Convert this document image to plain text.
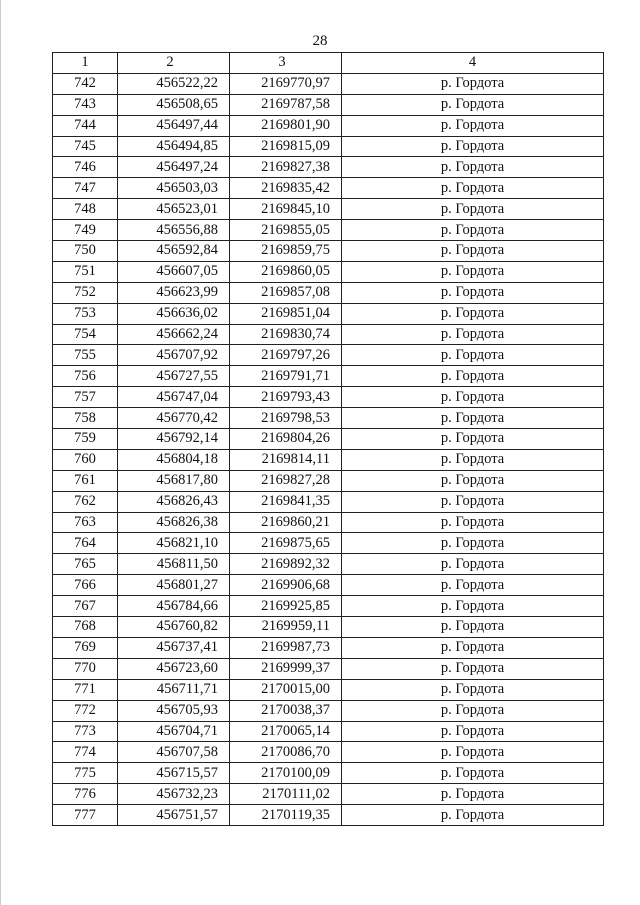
28
1	2	3	4
742	456522,22	2169770,97	р. Гордота
743	456508,65	2169787,58	р. Гордота
744	456497,44	2169801,90	р. Гордота
745	456494,85	2169815,09	р. Гордота
746	456497,24	2169827,38	р. Гордота
747	456503,03	2169835,42	р. Гордота
748	456523,01	2169845,10	р. Гордота
749	456556,88	2169855,05	р. Гордота
750	456592,84	2169859,75	р. Гордота
751	456607,05	2169860,05	р. Гордота
752	456623,99	2169857,08	р. Гордота
753	456636,02	2169851,04	р. Гордота
754	456662,24	2169830,74	р. Гордота
755	456707,92	2169797,26	р. Гордота
756	456727,55	2169791,71	р. Гордота
757	456747,04	2169793,43	р. Гордота
758	456770,42	2169798,53	р. Гордота
759	456792,14	2169804,26	р. Гордота
760	456804,18	2169814,11	р. Гордота
761	456817,80	2169827,28	р. Гордота
762	456826,43	2169841,35	р. Гордота
763	456826,38	2169860,21	р. Гордота
764	456821,10	2169875,65	р. Гордота
765	456811,50	2169892,32	р. Гордота
766	456801,27	2169906,68	р. Гордота
767	456784,66	2169925,85	р. Гордота
768	456760,82	2169959,11	р. Гордота
769	456737,41	2169987,73	р. Гордота
770	456723,60	2169999,37	р. Гордота
771	456711,71	2170015,00	р. Гордота
772	456705,93	2170038,37	р. Гордота
773	456704,71	2170065,14	р. Гордота
774	456707,58	2170086,70	р. Гордота
775	456715,57	2170100,09	р. Гордота
776	456732,23	2170111,02	р. Гордота
777	456751,57	2170119,35	р. Гордота
